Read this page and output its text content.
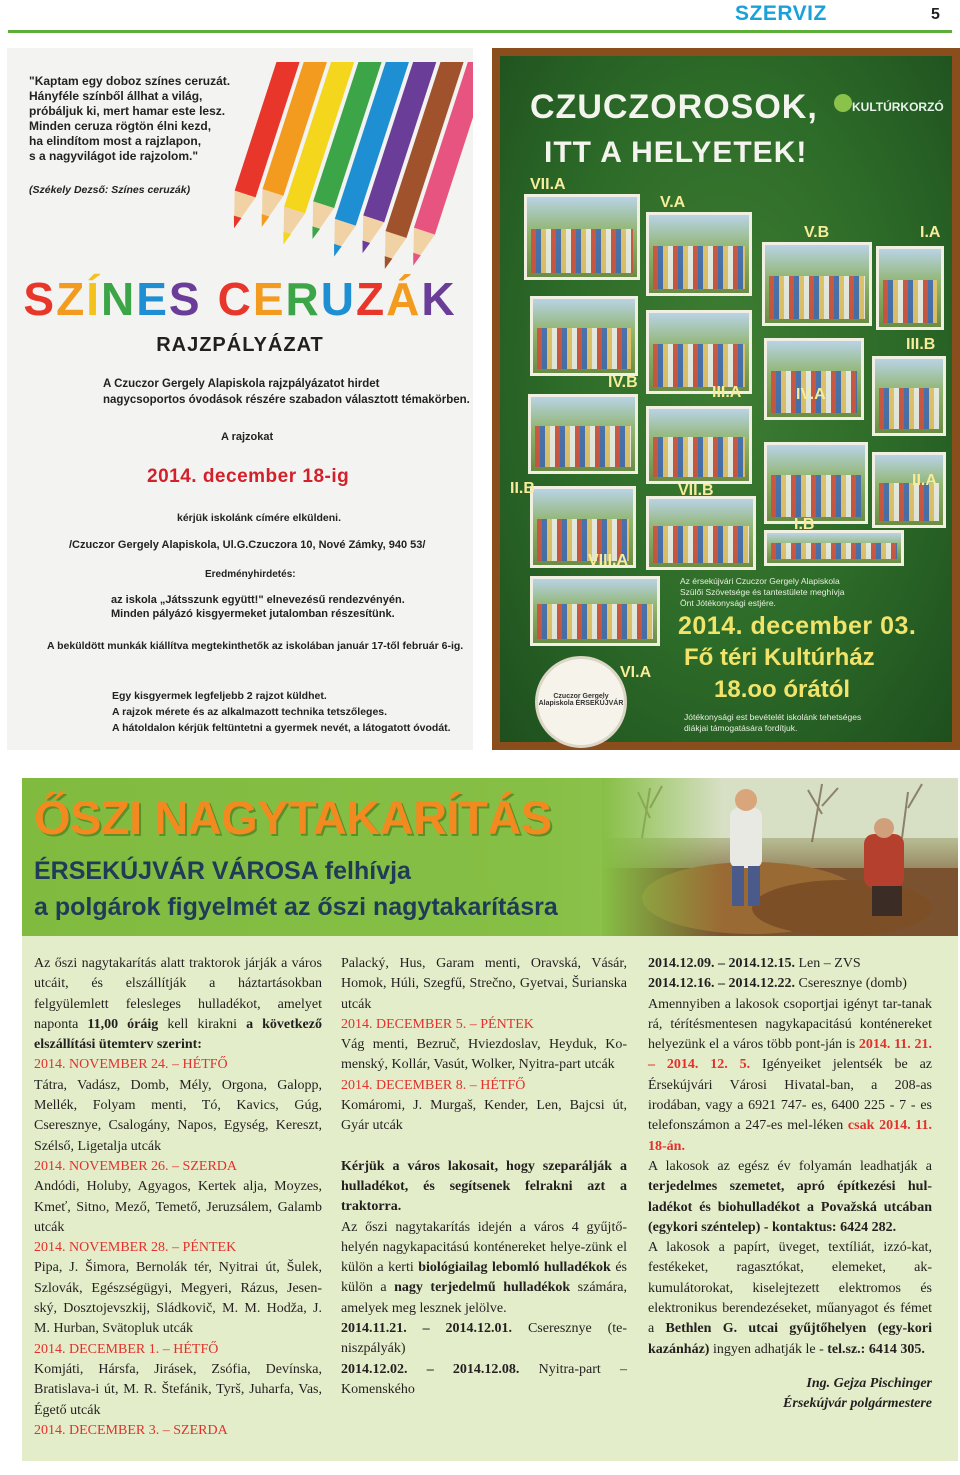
SZERVIZ	5
"Kaptam egy doboz színes ceruzát.
Hányféle színből állhat a világ,
próbáljuk ki, mert hamar este lesz.
Minden ceruza rögtön élni kezd,
ha elindítom most a rajzlapon,
s a nagyvilágot ide rajzolom."
(Székely Dezső: Színes ceruzák)
SZÍNES CERUZÁK
RAJZPÁLYÁZAT
A Czuczor Gergely Alapiskola rajzpályázatot hirdet
nagycsoportos óvodások részére szabadon választott témakörben.
A rajzokat
2014. december 18-ig
kérjük iskolánk címére elküldeni.
/Czuczor Gergely Alapiskola, Ul.G.Czuczora 10, Nové Zámky, 940 53/
Eredményhirdetés:
az iskola „Játsszunk együtt!" elnevezésű rendezvényén.
Minden pályázó kisgyermeket jutalomban részesítünk.
A beküldött munkák kiállítva megtekinthetők az iskolában január 17-től február 6-ig.
Egy kisgyermek legfeljebb 2 rajzot küldhet.
A rajzok mérete és az alkalmazott technika tetszőleges.
A hátoldalon kérjük feltüntetni a gyermek nevét, a látogatott óvodát.
CZUCZOROSOK,
ITT A HELYETEK!
KULTÚRKORZÓ
VII.A
V.A
V.B	I.A
III.A
III.B
IV.B
IV.A
VII.B
II.B	II.A
I.B
VIII.A
VI.A
Az érsekújvári Czuczor Gergely Alapiskola
Szülői Szövetsége és tantestülete meghívja
Önt Jótékonysági estjére.
2014. december 03.
Fő téri Kultúrház
18.oo órától
Jótékonysági est bevételét iskolánk tehetséges
diákjai támogatására fordítjuk.
Czuczor Gergely Alapiskola ÉRSEKÚJVÁR
ŐSZI NAGYTAKARÍTÁS
ÉRSEKÚJVÁR VÁROSA felhívja
a polgárok figyelmét az őszi nagytakarításra

Az őszi nagytakarítás alatt traktorok járják a város utcáit, és elszállítják a háztartásokban felgyülemlett felesleges hulladékot, amelyet naponta 11,00 óráig kell kirakni a következő elszállítási ütemterv szerint:

2014. NOVEMBER 24. – HÉTFŐ

Tátra, Vadász, Domb, Mély, Orgona, Galopp, Mellék, Folyam menti, Tó, Kavics, Gúg, Cseresznye, Csalogány, Napos, Egység, Kereszt, Szélső, Ligetalja utcák

2014. NOVEMBER 26. – SZERDA

Andódi, Holuby, Agyagos, Kertek alja, Moyzes, Kmeť, Sitno, Mező, Temető, Jeruzsálem, Galamb utcák

2014. NOVEMBER 28. – PÉNTEK

Pipa, J. Šimora, Bernolák tér, Nyitrai út, Šulek, Szlovák, Egészségügyi, Megyeri, Rázus, Jesen-ský, Dosztojevszkij, Sládkovič, M. M. Hodža, J. M. Hurban, Svätopluk utcák

2014. DECEMBER 1. – HÉTFŐ

Komjáti, Hársfa, Jirásek, Zsófia, Devínska, Bratislava-i út, M. R. Štefánik, Tyrš, Juharfa, Vas, Égető utcák

2014. DECEMBER 3. – SZERDA

Palacký, Hus, Garam menti, Oravská, Vásár, Homok, Húli, Szegfű, Strečno, Gyetvai, Šurianska utcák

2014. DECEMBER 5. – PÉNTEK

Vág menti, Bezruč, Hviezdoslav, Heyduk, Ko-menský, Kollár, Vasút, Wolker, Nyitra-part utcák

2014. DECEMBER 8. – HÉTFŐ

Komáromi, J. Murgaš, Kender, Len, Bajcsi út, Gyár utcák

Kérjük a város lakosait, hogy szeparálják a hulladékot, és segítsenek felrakni azt a traktorra.

Az őszi nagytakarítás idején a város 4 gyűjtő-helyén nagykapacitású konténereket helye-zünk el külön a kerti biológiailag lebomló hulladékok és külön a nagy terjedelmű hulladékok számára, amelyek meg lesznek jelölve.

2014.11.21. – 2014.12.01. Cseresznye (te-niszpályák)

2014.12.02. – 2014.12.08. Nyitra-part – Komenského

2014.12.09. – 2014.12.15. Len – ZVS

2014.12.16. – 2014.12.22. Cseresznye (domb)

Amennyiben a lakosok csoportjai igényt tar-tanak rá, térítésmentesen nagykapacitású konténereket helyezünk el a város több pont-ján is 2014. 11. 21. – 2014. 12. 5. Igényeiket jelentsék be az Érsekújvári Városi Hivatal-ban, a 208-as irodában, vagy a 6921 747- es, 6400 225 - 7 - es telefonszámon a 247-es mel-léken csak 2014. 11. 18-án.

A lakosok az egész év folyamán leadhatják a terjedelmes szemetet, apró építkezési hul-ladékot és biohulladékot a Považská utcában (egykori széntelep) - kontaktus: 6424 282.

A lakosok a papírt, üveget, textíliát, izzó-kat, festékeket, ragasztókat, elemeket, ak-kumulátorokat, kiselejtezett elektromos és elektronikus berendezéseket, műanyagot és fémet a Bethlen G. utcai gyűjtőhelyen (egy-kori kazánház) ingyen adhatják le - tel.sz.: 6414 305.

Ing. Gejza Pischinger

Érsekújvár polgármestere
